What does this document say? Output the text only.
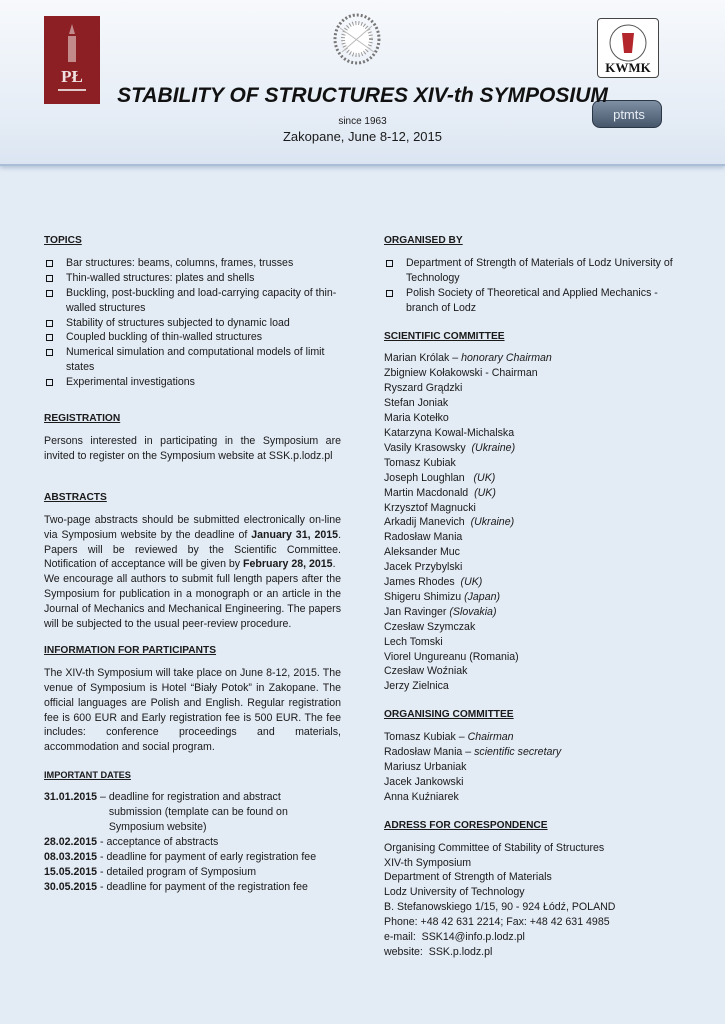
PŁ	KWMK
ptmts
STABILITY OF STRUCTURES XIV-th SYMPOSIUM
since 1963
Zakopane, June 8-12, 2015
TOPICS
Bar structures: beams, columns, frames, trusses
Thin-walled structures: plates and shells
Buckling, post-buckling and load-carrying capacity of thin-walled structures
Stability of structures subjected to dynamic load
Coupled buckling of thin-walled structures
Numerical simulation and computational models of limit states
Experimental investigations
REGISTRATION

Persons interested in participating in the Symposium are invited to register on the Symposium website at SSK.p.lodz.pl

ABSTRACTS

Two-page abstracts should be submitted electronically on-line via Symposium website by the deadline of January 31, 2015. Papers will be reviewed by the Scientific Committee. Notification of acceptance will be given by February 28, 2015.

We encourage all authors to submit full length papers after the Symposium for publication in a monograph or an article in the Journal of Mechanics and Mechanical Engineering. The papers will be subjected to the usual peer-review procedure.

INFORMATION FOR PARTICIPANTS

The XIV-th Symposium will take place on June 8-12, 2015. The venue of Symposium is Hotel “Biały Potok” in Zakopane. The official languages are Polish and English. Regular registration fee is 600 EUR and Early registration fee is 500 EUR. The fee includes: conference proceedings and materials, accommodation and social program.

IMPORTANT DATES
31.01.2015 – deadline for registration and abstract submission (template can be found on Symposium website)
28.02.2015 - acceptance of abstracts
08.03.2015 - deadline for payment of early registration fee
15.05.2015 - detailed program of Symposium
30.05.2015 - deadline for payment of the registration fee
ORGANISED BY
Department of Strength of Materials of Lodz University of Technology
Polish Society of Theoretical and Applied Mechanics - branch of Lodz
SCIENTIFIC COMMITTEE
Marian Królak – honorary Chairman
Zbigniew Kołakowski - Chairman
Ryszard Grądzki
Stefan Joniak
Maria Kotełko
Katarzyna Kowal-Michalska
Vasily Krasowsky  (Ukraine)
Tomasz Kubiak
Joseph Loughlan   (UK)
Martin Macdonald  (UK)
Krzysztof Magnucki
Arkadij Manevich  (Ukraine)
Radosław Mania
Aleksander Muc
Jacek Przybylski
James Rhodes  (UK)
Shigeru Shimizu (Japan)
Jan Ravinger (Slovakia)
Czesław Szymczak
Lech Tomski
Viorel Ungureanu (Romania)
Czesław Woźniak
Jerzy Zielnica
ORGANISING COMMITTEE
Tomasz Kubiak – Chairman
Radosław Mania – scientific secretary
Mariusz Urbaniak
Jacek Jankowski
Anna Kuźniarek
ADRESS FOR CORESPONDENCE
Organising Committee of Stability of Structures
XIV-th Symposium
Department of Strength of Materials
Lodz University of Technology
B. Stefanowskiego 1/15, 90 - 924 Łódź, POLAND
Phone: +48 42 631 2214; Fax: +48 42 631 4985
e-mail:  SSK14@info.p.lodz.pl
website:  SSK.p.lodz.pl
